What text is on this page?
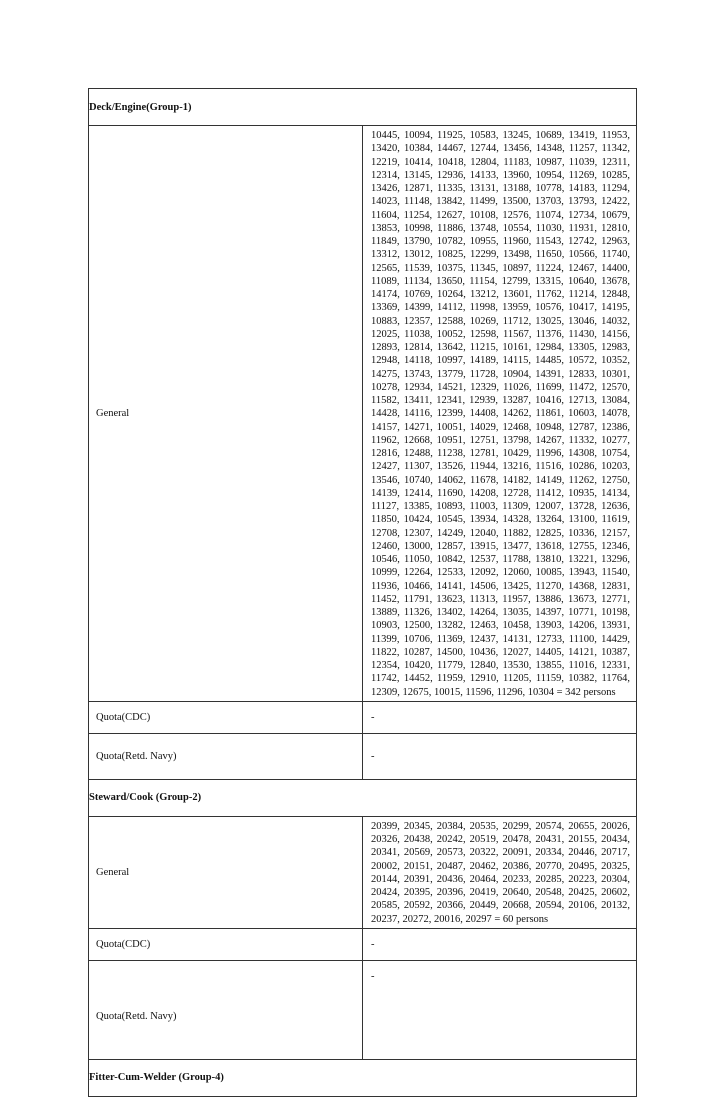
Deck/Engine(Group-1)	
General	10445, 10094, 11925, 10583, 13245, 10689, 13419, 11953, 13420, 10384, 14467, 12744, 13456, 14348, 11257, 11342, 12219, 10414, 10418, 12804, 11183, 10987, 11039, 12311, 12314, 13145, 12936, 14133, 13960, 10954, 11269, 10285, 13426, 12871, 11335, 13131, 13188, 10778, 14183, 11294, 14023, 11148, 13842, 11499, 13500, 13703, 13793, 12422, 11604, 11254, 12627, 10108, 12576, 11074, 12734, 10679, 13853, 10998, 11886, 13748, 10554, 11030, 11931, 12810, 11849, 13790, 10782, 10955, 11960, 11543, 12742, 12963, 13312, 13012, 10825, 12299, 13498, 11650, 10566, 11740, 12565, 11539, 10375, 11345, 10897, 11224, 12467, 14400, 11089, 11134, 13650, 11154, 12799, 13315, 10640, 13678, 14174, 10769, 10264, 13212, 13601, 11762, 11214, 12848, 13369, 14399, 14112, 11998, 13959, 10576, 10417, 14195, 10883, 12357, 12588, 10269, 11712, 13025, 13046, 14032, 12025, 11038, 10052, 12598, 11567, 11376, 11430, 14156, 12893, 12814, 13642, 11215, 10161, 12984, 13305, 12983, 12948, 14118, 10997, 14189, 14115, 14485, 10572, 10352, 14275, 13743, 13779, 11728, 10904, 14391, 12833, 10301, 10278, 12934, 14521, 12329, 11026, 11699, 11472, 12570, 11582, 13411, 12341, 12939, 13287, 10416, 12713, 13084, 14428, 14116, 12399, 14408, 14262, 11861, 10603, 14078, 14157, 14271, 10051, 14029, 12468, 10948, 12787, 12386, 11962, 12668, 10951, 12751, 13798, 14267, 11332, 10277, 12816, 12488, 11238, 12781, 10429, 11996, 14308, 10754, 12427, 11307, 13526, 11944, 13216, 11516, 10286, 10203, 13546, 10740, 14062, 11678, 14182, 14149, 11262, 12750, 14139, 12414, 11690, 14208, 12728, 11412, 10935, 14134, 11127, 13385, 10893, 11003, 11309, 12007, 13728, 12636, 11850, 10424, 10545, 13934, 14328, 13264, 13100, 11619, 12708, 12307, 14249, 12040, 11882, 12825, 10336, 12157, 12460, 13000, 12857, 13915, 13477, 13618, 12755, 12346, 10546, 11050, 10842, 12537, 11788, 13810, 13221, 13296, 10999, 12264, 12533, 12092, 12060, 10085, 13943, 11540, 11936, 10466, 14141, 14506, 13425, 11270, 14368, 12831, 11452, 11791, 13623, 11313, 11957, 13886, 13673, 12771, 13889, 11326, 13402, 14264, 13035, 14397, 10771, 10198, 10903, 12500, 13282, 12463, 10458, 13903, 14206, 13931, 11399, 10706, 11369, 12437, 14131, 12733, 11100, 14429, 11822, 10287, 14500, 10436, 12027, 14405, 14121, 10387, 12354, 10420, 11779, 12840, 13530, 13855, 11016, 12331, 11742, 14452, 11959, 12910, 11205, 11159, 10382, 11764, 12309, 12675, 10015, 11596, 11296, 10304 = 342 persons
Quota(CDC)	-
Quota(Retd. Navy)	-
Steward/Cook (Group-2)	
General	20399, 20345, 20384, 20535, 20299, 20574, 20655, 20026, 20326, 20438, 20242, 20519, 20478, 20431, 20155, 20434, 20341, 20569, 20573, 20322, 20091, 20334, 20446, 20717, 20002, 20151, 20487, 20462, 20386, 20770, 20495, 20325, 20144, 20391, 20436, 20464, 20233, 20285, 20223, 20304, 20424, 20395, 20396, 20419, 20640, 20548, 20425, 20602, 20585, 20592, 20366, 20449, 20668, 20594, 20106, 20132, 20237, 20272, 20016, 20297 = 60 persons
Quota(CDC)	-
Quota(Retd. Navy)	-

Fitter-Cum-Welder (Group-4)	
